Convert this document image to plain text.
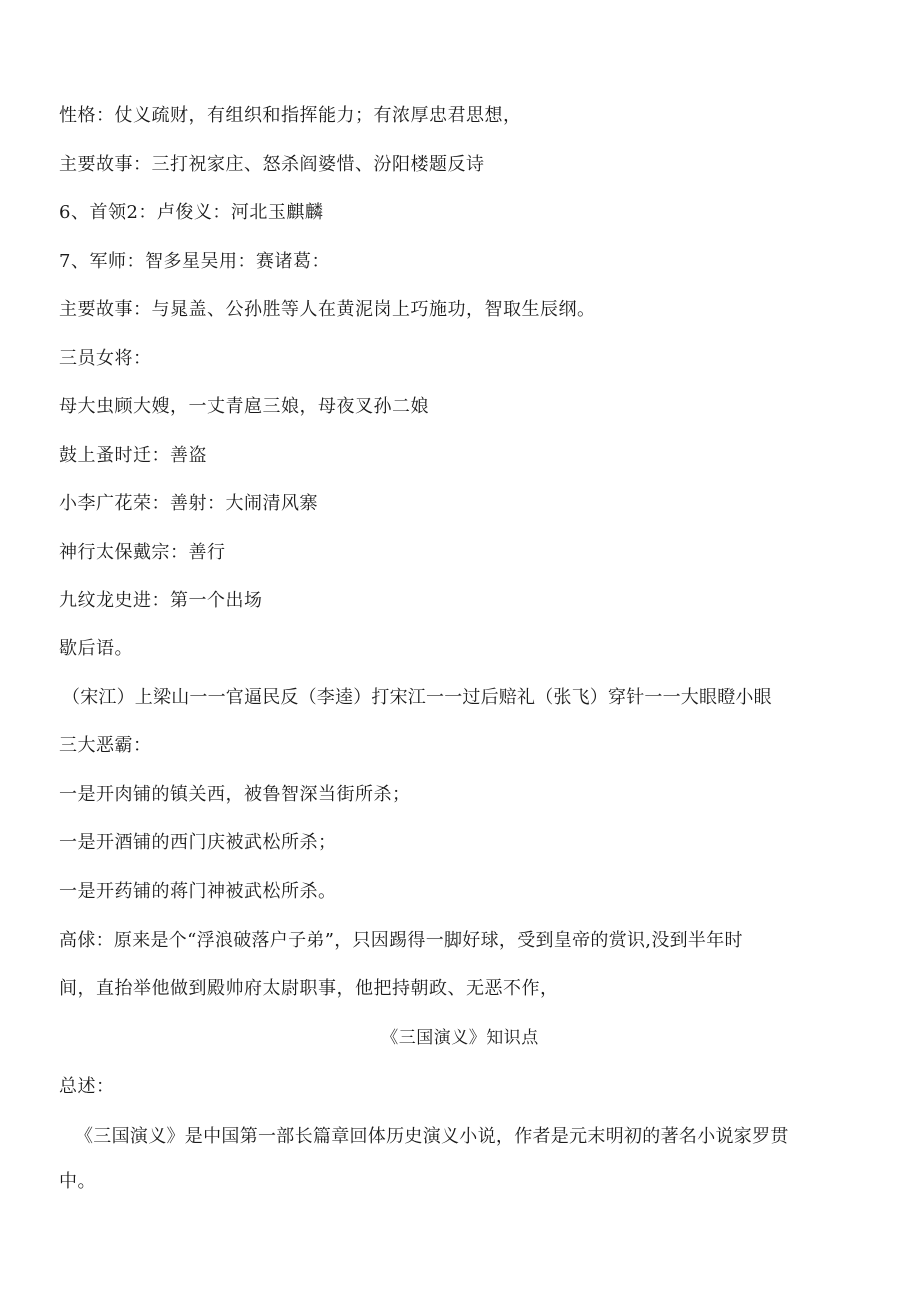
性格：仗义疏财，有组织和指挥能力；有浓厚忠君思想，
主要故事：三打祝家庄、怒杀阎婆惜、汾阳楼题反诗
6、首领2：卢俊义：河北玉麒麟
7、军师：智多星吴用：赛诸葛：
主要故事：与晁盖、公孙胜等人在黄泥岗上巧施功，智取生辰纲。
三员女将：
母大虫顾大嫂，一丈青扈三娘，母夜叉孙二娘
鼓上蚤时迁：善盗
小李广花荣：善射：大闹清风寨
神行太保戴宗：善行
九纹龙史进：第一个出场
歇后语。
（宋江）上梁山一一官逼民反（李逵）打宋江一一过后赔礼（张飞）穿针一一大眼瞪小眼
三大恶霸：
一是开肉铺的镇关西，被鲁智深当街所杀；
一是开酒铺的西门庆被武松所杀；
一是开药铺的蒋门神被武松所杀。
高俅：原来是个“浮浪破落户子弟”，只因踢得一脚好球，受到皇帝的赏识,没到半年时
间，直抬举他做到殿帅府太尉职事，他把持朝政、无恶不作，
《三国演义》知识点
总述：
《三国演义》是中国第一部长篇章回体历史演义小说，作者是元末明初的著名小说家罗贯
中。
